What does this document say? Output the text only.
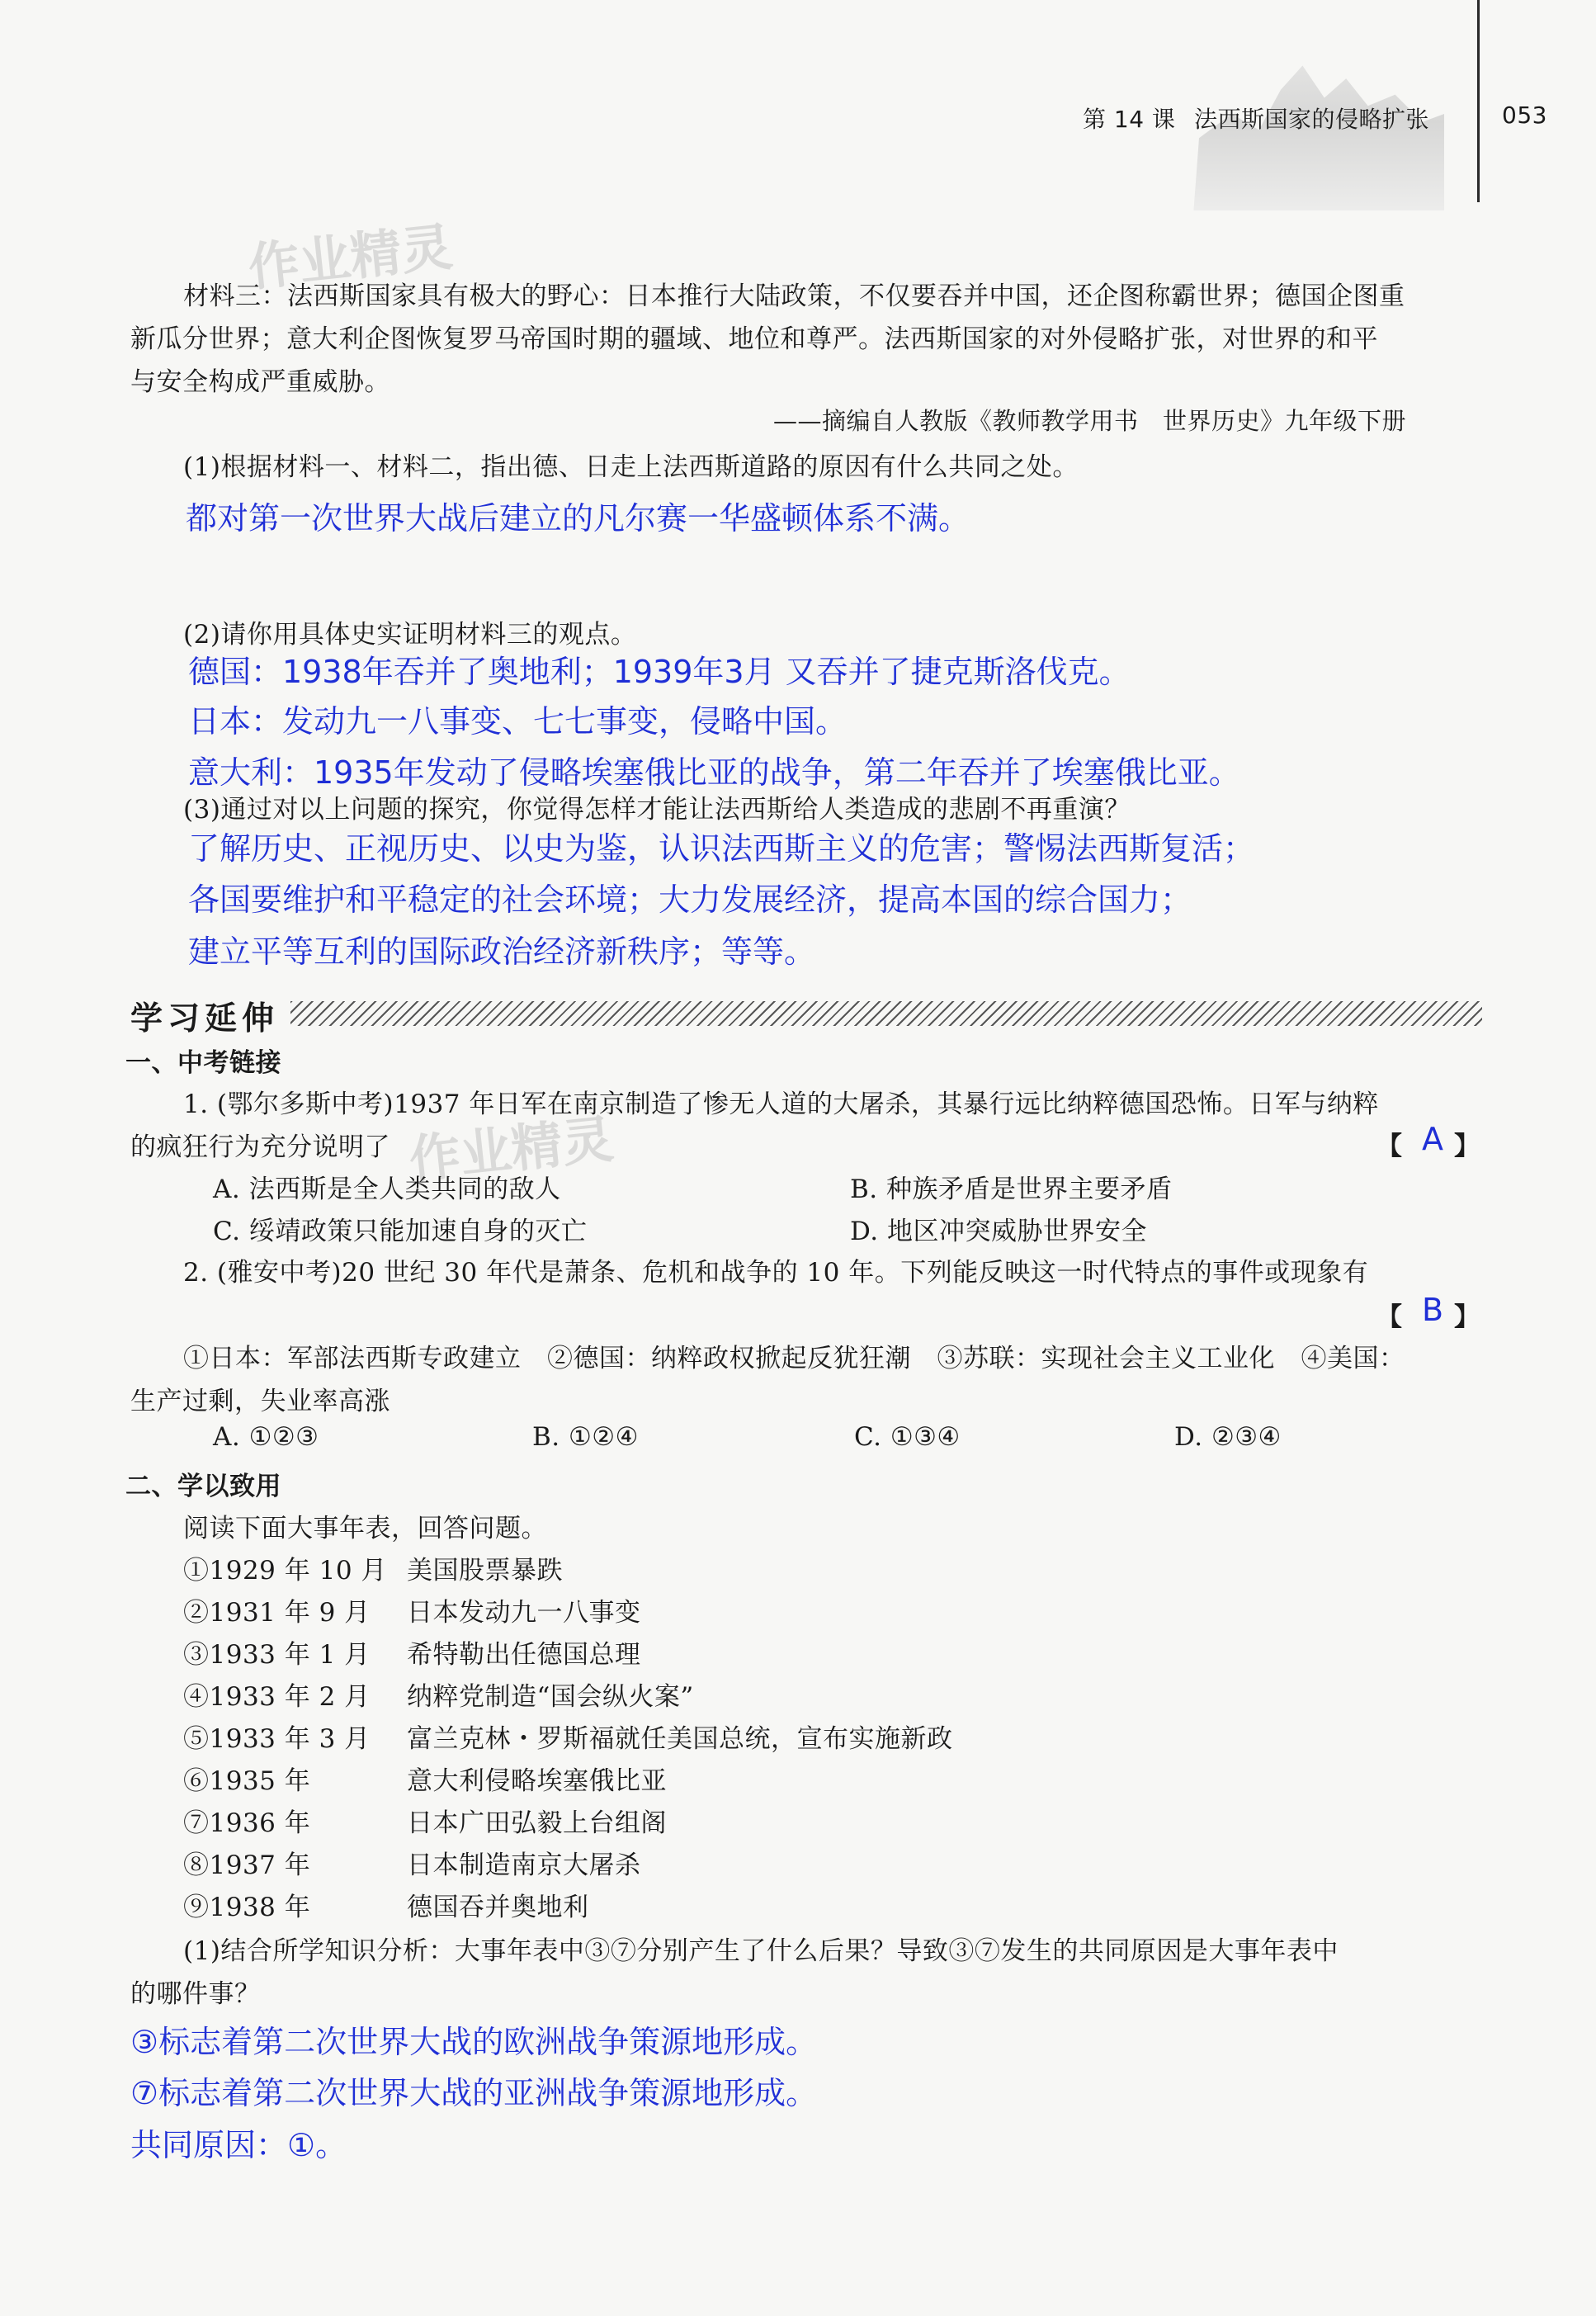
第 14 课 法西斯国家的侵略扩张	053
作业精灵
作业精灵
材料三：法西斯国家具有极大的野心：日本推行大陆政策，不仅要吞并中国，还企图称霸世界；德国企图重
新瓜分世界；意大利企图恢复罗马帝国时期的疆域、地位和尊严。法西斯国家的对外侵略扩张，对世界的和平
与安全构成严重威胁。
——摘编自人教版《教师教学用书　世界历史》九年级下册
(1)根据材料一、材料二，指出德、日走上法西斯道路的原因有什么共同之处。
都对第一次世界大战后建立的凡尔赛一华盛顿体系不满。
(2)请你用具体史实证明材料三的观点。
德国：1938年吞并了奥地利；1939年3月 又吞并了捷克斯洛伐克。
日本：发动九一八事变、七七事变，侵略中国。
意大利：1935年发动了侵略埃塞俄比亚的战争，第二年吞并了埃塞俄比亚。
(3)通过对以上问题的探究，你觉得怎样才能让法西斯给人类造成的悲剧不再重演？
了解历史、正视历史、以史为鉴，认识法西斯主义的危害；警惕法西斯复活；
各国要维护和平稳定的社会环境；大力发展经济，提高本国的综合国力；
建立平等互利的国际政治经济新秩序；等等。
学习延伸
一、中考链接
1. (鄂尔多斯中考)1937 年日军在南京制造了惨无人道的大屠杀，其暴行远比纳粹德国恐怖。日军与纳粹
的疯狂行为充分说明了	【 A 】
A. 法西斯是全人类共同的敌人	B. 种族矛盾是世界主要矛盾
C. 绥靖政策只能加速自身的灭亡	D. 地区冲突威胁世界安全
2. (雅安中考)20 世纪 30 年代是萧条、危机和战争的 10 年。下列能反映这一时代特点的事件或现象有
【 B 】
①日本：军部法西斯专政建立　②德国：纳粹政权掀起反犹狂潮　③苏联：实现社会主义工业化　④美国：
生产过剩，失业率高涨
A. ①②③	B. ①②④	C. ①③④	D. ②③④
二、学以致用
阅读下面大事年表，回答问题。
①1929 年 10 月 美国股票暴跌
②1931 年 9 月 日本发动九一八事变
③1933 年 1 月 希特勒出任德国总理
④1933 年 2 月 纳粹党制造“国会纵火案”
⑤1933 年 3 月 富兰克林・罗斯福就任美国总统，宣布实施新政
⑥1935 年	意大利侵略埃塞俄比亚
⑦1936 年	日本广田弘毅上台组阁
⑧1937 年	日本制造南京大屠杀
⑨1938 年	德国吞并奥地利
(1)结合所学知识分析：大事年表中③⑦分别产生了什么后果？导致③⑦发生的共同原因是大事年表中
的哪件事？
③标志着第二次世界大战的欧洲战争策源地形成。
⑦标志着第二次世界大战的亚洲战争策源地形成。
共同原因：①。
